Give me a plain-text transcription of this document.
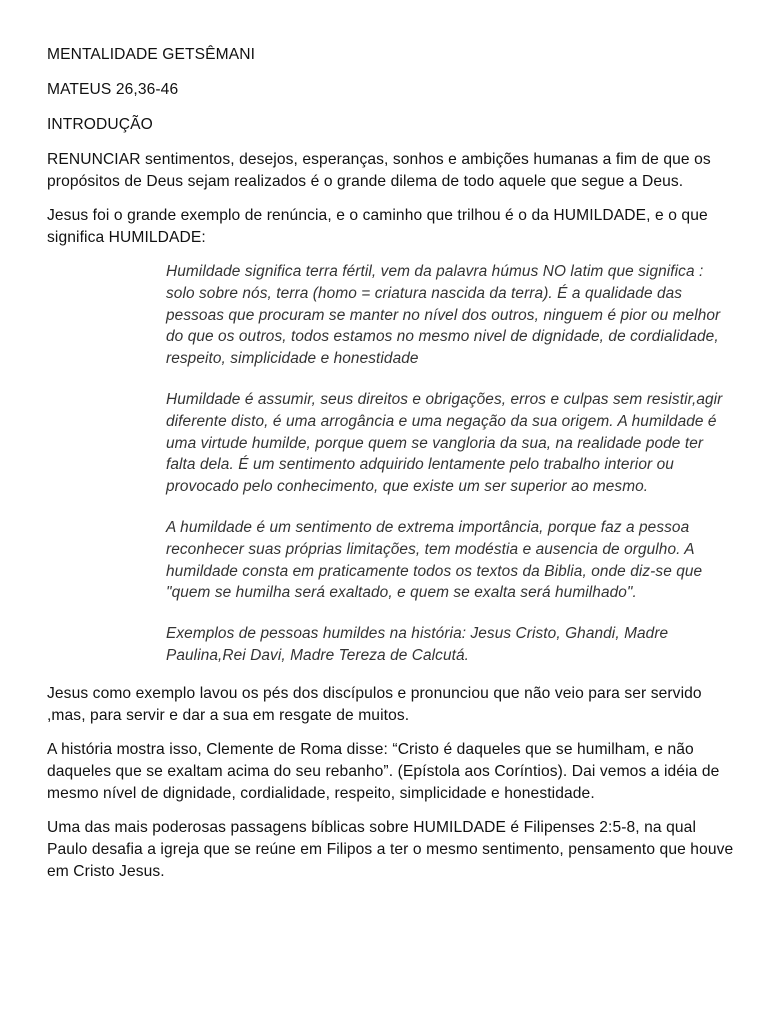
MENTALIDADE GETSÊMANI

MATEUS 26,36-46

INTRODUÇÃO

RENUNCIAR sentimentos, desejos, esperanças, sonhos e ambições humanas a fim de que os propósitos de Deus sejam realizados é o grande dilema de todo aquele que segue a Deus.

Jesus foi o grande exemplo de renúncia, e o caminho que trilhou é o da HUMILDADE, e o que significa HUMILDADE:

Humildade significa terra fértil, vem da palavra húmus NO latim que significa : solo sobre nós, terra (homo = criatura nascida da terra). É a qualidade das pessoas que procuram se manter no nível dos outros, ninguem é pior ou melhor do que os outros, todos estamos no mesmo nivel de dignidade, de cordialidade, respeito, simplicidade e honestidade

Humildade é assumir, seus direitos e obrigações, erros e culpas sem resistir,agir diferente disto, é uma arrogância e uma negação da sua origem. A humildade é uma virtude humilde, porque quem se vangloria da sua, na realidade pode ter falta dela. É um sentimento adquirido lentamente pelo trabalho interior ou provocado pelo conhecimento, que existe um ser superior ao mesmo.

A humildade é um sentimento de extrema importância, porque faz a pessoa reconhecer suas próprias limitações, tem modéstia e ausencia de orgulho. A humildade consta em praticamente todos os textos da Biblia, onde diz-se que "quem se humilha será exaltado, e quem se exalta será humilhado".

Exemplos de pessoas humildes na história: Jesus Cristo, Ghandi, Madre Paulina,Rei Davi, Madre Tereza de Calcutá.

Jesus como exemplo lavou os pés dos discípulos e pronunciou que não veio para ser servido ,mas, para servir e dar a sua em resgate de muitos.

A história mostra isso, Clemente de Roma disse: “Cristo é daqueles que se humilham, e não daqueles que se exaltam acima do seu rebanho”. (Epístola aos Coríntios). Dai vemos a idéia de mesmo nível de dignidade, cordialidade, respeito, simplicidade e honestidade.

Uma das mais poderosas passagens bíblicas sobre HUMILDADE é Filipenses 2:5-8, na qual Paulo desafia a igreja que se reúne em Filipos a ter o mesmo sentimento, pensamento que houve em Cristo Jesus.
